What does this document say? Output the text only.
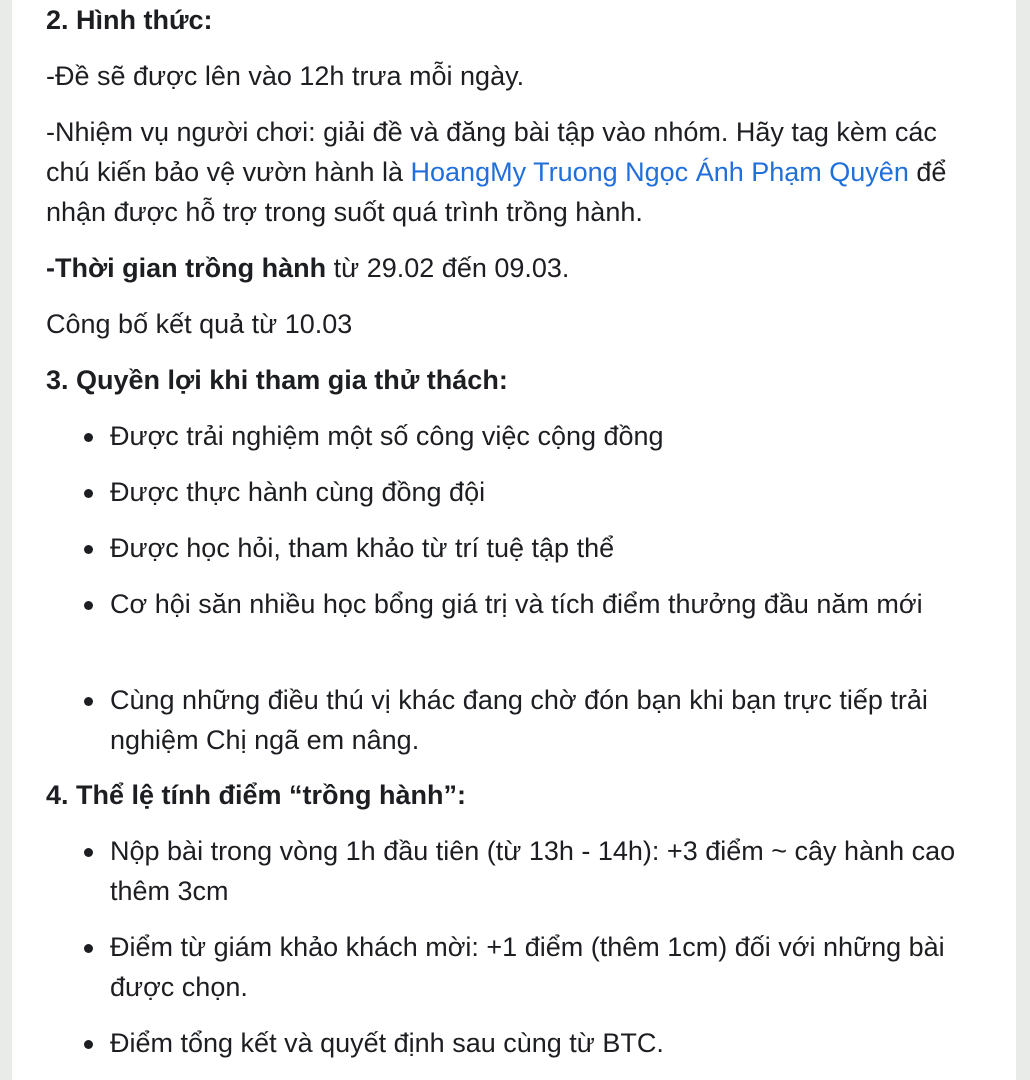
2. Hình thức:

-Đề sẽ được lên vào 12h trưa mỗi ngày.

-Nhiệm vụ người chơi: giải đề và đăng bài tập vào nhóm. Hãy tag kèm các chú kiến bảo vệ vườn hành là HoangMy Truong Ngọc Ánh Phạm Quyên để nhận được hỗ trợ trong suốt quá trình trồng hành.

-Thời gian trồng hành từ 29.02 đến 09.03.

Công bố kết quả từ 10.03

3. Quyền lợi khi tham gia thử thách:

Được trải nghiệm một số công việc cộng đồng
Được thực hành cùng đồng đội
Được học hỏi, tham khảo từ trí tuệ tập thể
Cơ hội săn nhiều học bổng giá trị và tích điểm thưởng đầu năm mới
Cùng những điều thú vị khác đang chờ đón bạn khi bạn trực tiếp trải nghiệm Chị ngã em nâng.

4. Thể lệ tính điểm “trồng hành”:

Nộp bài trong vòng 1h đầu tiên (từ 13h - 14h): +3 điểm ~ cây hành cao thêm 3cm
Điểm từ giám khảo khách mời: +1 điểm (thêm 1cm) đối với những bài được chọn.
Điểm tổng kết và quyết định sau cùng từ BTC.
